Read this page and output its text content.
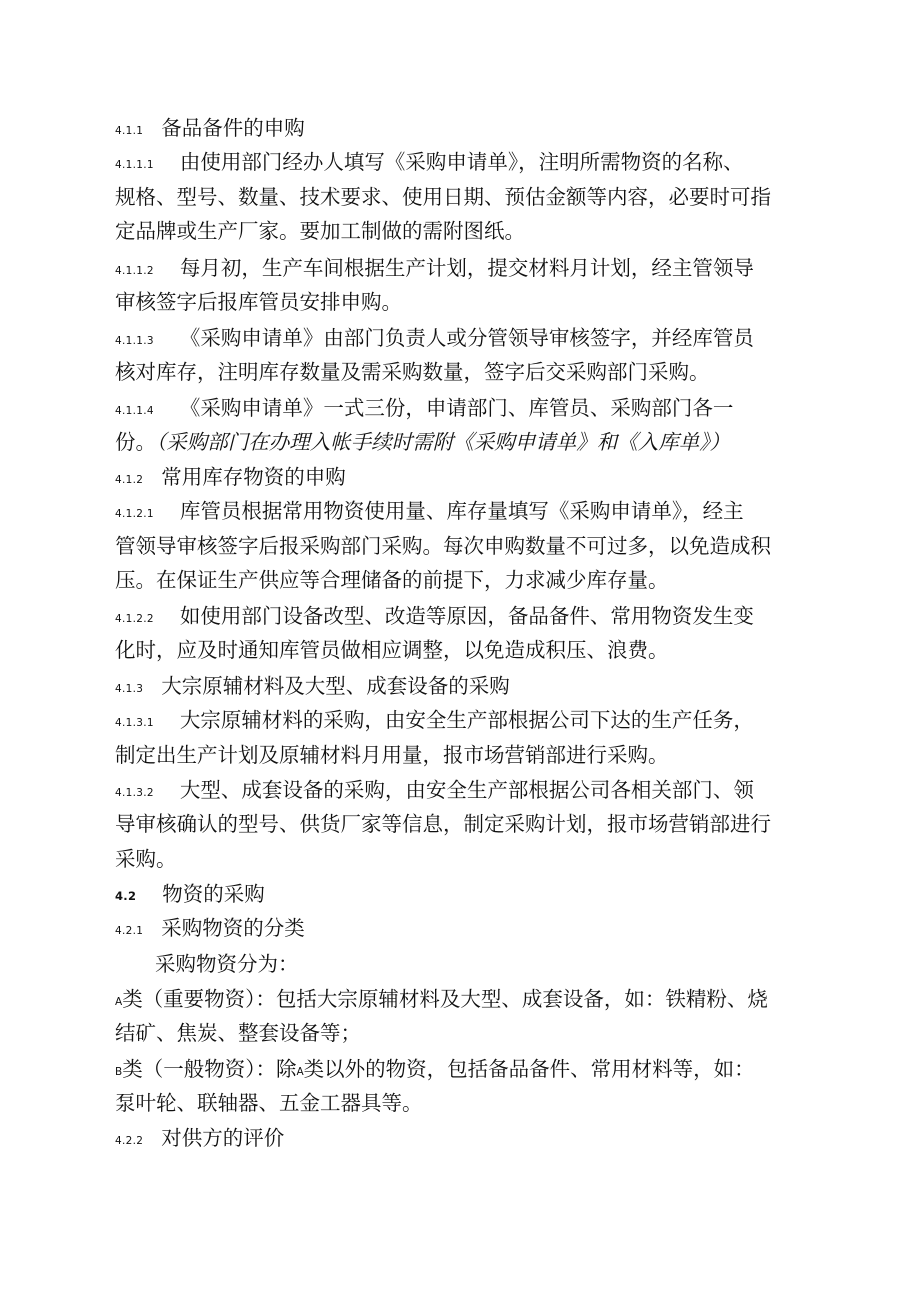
4.1.1 备品备件的申购
4.1.1.1 由使用部门经办人填写《采购申请单》，注明所需物资的名称、
规格、型号、数量、技术要求、使用日期、预估金额等内容，必要时可指
定品牌或生产厂家。要加工制做的需附图纸。
4.1.1.2 每月初，生产车间根据生产计划，提交材料月计划，经主管领导
审核签字后报库管员安排申购。
4.1.1.3 《采购申请单》由部门负责人或分管领导审核签字，并经库管员
核对库存，注明库存数量及需采购数量，签字后交采购部门采购。
4.1.1.4 《采购申请单》一式三份，申请部门、库管员、采购部门各一
份。（采购部门在办理入帐手续时需附《采购申请单》和《入库单》）
4.1.2 常用库存物资的申购
4.1.2.1 库管员根据常用物资使用量、库存量填写《采购申请单》，经主
管领导审核签字后报采购部门采购。每次申购数量不可过多，以免造成积
压。在保证生产供应等合理储备的前提下，力求减少库存量。
4.1.2.2 如使用部门设备改型、改造等原因，备品备件、常用物资发生变
化时，应及时通知库管员做相应调整，以免造成积压、浪费。
4.1.3 大宗原辅材料及大型、成套设备的采购
4.1.3.1 大宗原辅材料的采购，由安全生产部根据公司下达的生产任务，
制定出生产计划及原辅材料月用量，报市场营销部进行采购。
4.1.3.2 大型、成套设备的采购，由安全生产部根据公司各相关部门、领
导审核确认的型号、供货厂家等信息，制定采购计划，报市场营销部进行
采购。
4.2 物资的采购
4.2.1 采购物资的分类
采购物资分为：
A类（重要物资）：包括大宗原辅材料及大型、成套设备，如：铁精粉、烧
结矿、焦炭、整套设备等；
B类（一般物资）：除A类以外的物资，包括备品备件、常用材料等，如：
泵叶轮、联轴器、五金工器具等。
4.2.2 对供方的评价
